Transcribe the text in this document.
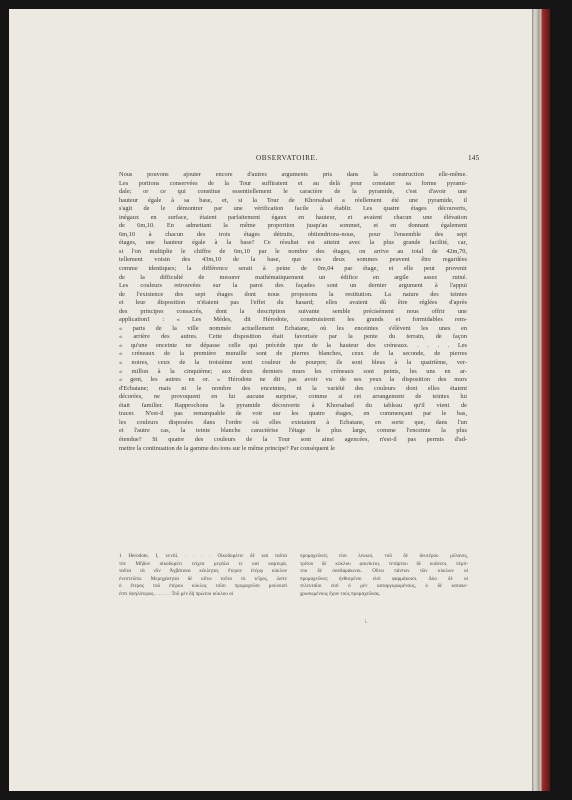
OBSERVATOIRE.	145
Nous pouvons ajouter encore d'autres arguments pris dans la construction elle-même.
Les portions conservées de la Tour suffiraient et au delà pour constater sa forme pyrami-
dale; or ce qui constitue essentiellement le caractère de la pyramide, c'est d'avoir une
hauteur égale à sa base, et, si la Tour de Khorsabad a réellement été une pyramide, il
s'agit de le démontrer par une vérification facile à établir. Les quatre étages découverts,
inégaux en surface, étaient parfaitement égaux en hauteur, et avaient chacun une élévation
de 6m,10. En admettant la même proportion jusqu'au sommet, et en donnant également
6m,10 à chacun des trois étages détruits, obtiendrions-nous, pour l'ensemble des sept
étages, une hauteur égale à la base? Ce résultat est atteint avec la plus grande facilité, car,
si l'on multiplie le chiffre de 6m,10 par le nombre des étages, on arrive au total de 42m,70,
tellement voisin des 43m,10 de la base, que ces deux sommes peuvent être regardées
comme identiques; la différence serait à peine de 0m,04 par étage, et elle peut provenir
de la difficulté de mesurer mathématiquement un édifice en argile assez ruiné.
Les couleurs retrouvées sur la paroi des façades sont un dernier argument à l'appui
de l'existence des sept étages dont nous proposons la restitution. La nature des teintes
et leur disposition n'étaient pas l'effet du hasard; elles avaient dû être réglées d'après
des principes consacrés, dont la description suivante semble précisément nous offrir une
application1 : « Les Mèdes, dit Hérodote, construisirent les grands et formidables rem-
« parts de la ville nommée actuellement Ecbatane, où les enceintes s'élèvent les unes en
« arrière des autres. Cette disposition était favorisée par la pente du terrain, de façon
« qu'une enceinte ne dépasse celle qui précède que de la hauteur des créneaux. . . . . Les
« créneaux de la première muraille sont de pierres blanches, ceux de la seconde, de pierres
« noires, ceux de la troisième sont couleur de pourpre; ils sont bleus à la quatrième, ver-
« millon à la cinquième; aux deux derniers murs les créneaux sont peints, les uns en ar-
« gent, les autres en or. » Hérodote ne dit pas avoir vu de ses yeux la disposition des murs
d'Ecbatane; mais ni le nombre des enceintes, ni la variété des couleurs dont elles étaient
décorées, ne provoquent en lui aucune surprise, comme si cet arrangement de teintes lui
était familier. Rapprochons la pyramide découverte à Khorsabad du tableau qu'il vient de
tracer. N'est-il pas remarquable de voir sur les quatre étages, en commençant par le bas,
les couleurs disposées dans l'ordre où elles existaient à Ecbatane, en sorte que, dans l'un
et l'autre cas, la teinte blanche caractérise l'étage le plus large, comme l'enceinte la plus
étendue? Si quatre des couleurs de la Tour sont ainsi agencées, n'est-il pas permis d'ad-
mettre la continuation de la gamme des tons sur le même principe? Par conséquent le
1 Herodote, I, xcviii. . . . . Οἰκοδομέειν δὲ καὶ ταῦτα
τὸν Μῆδον οἰκοδομέει τείχεα μεγάλα τε καὶ καρτερά,
ταῦτα τὰ νῦν Ἀγβάτανα κέκληται, ἕτερον ἑτέρῳ κύκλον
ἐνεστεῶτα. Μεμηχάνηται δὲ οὕτω τοῦτο τὸ τεῖχος, ὥστε
ὁ ἕτερος τοῦ ἑτέρου κύκλος τοῖσι προμαχεῶσι μούνοισί
ἐστι ὑψηλότερος. . . . . . . Τοῦ μὲν δὴ πρώτου κύκλου οἱ
προμαχεῶνές εἰσι λευκοί, τοῦ δὲ δευτέρου μέλανες,
τρίτου δὲ κύκλου φοινίκεοι, τετάρτου δὲ κυάνεοι, πέμπ-
του δὲ σανδαράκινοι. Οὕτω πάντων τῶν κύκλων οἱ
προμαχεῶνες ἠνθισμένοι εἰσὶ φαρμάκοισι. Δύο δὲ οἱ
τελευταῖοι εἰσὶ ὁ μὲν καταργυρωμένους, ὁ δὲ κατακε-
χρυσωμένους ἔχων τοὺς προμαχεῶνας.
i.
